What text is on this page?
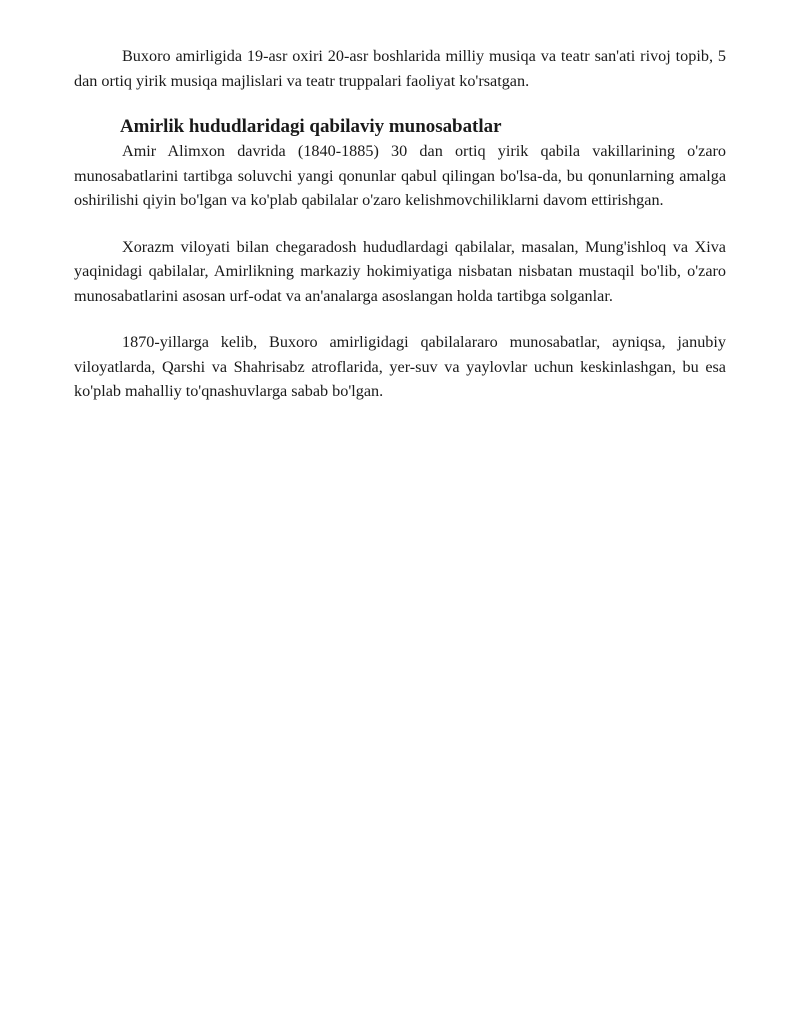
Buxoro amirligida 19-asr oxiri 20-asr boshlarida milliy musiqa va teatr san'ati rivoj topib, 5 dan ortiq yirik musiqa majlislari va teatr truppalari faoliyat ko'rsatgan.

Amirlik hududlaridagi qabilaviy munosabatlar

Amir Alimxon davrida (1840-1885) 30 dan ortiq yirik qabila vakillarining o'zaro munosabatlarini tartibga soluvchi yangi qonunlar qabul qilingan bo'lsa-da, bu qonunlarning amalga oshirilishi qiyin bo'lgan va ko'plab qabilalar o'zaro kelishmovchiliklarni davom ettirishgan.

Xorazm viloyati bilan chegaradosh hududlardagi qabilalar, masalan, Mung'ishloq va Xiva yaqinidagi qabilalar, Amirlikning markaziy hokimiyatiga nisbatan nisbatan mustaqil bo'lib, o'zaro munosabatlarini asosan urf-odat va an'analarga asoslangan holda tartibga solganlar.

1870-yillarga kelib, Buxoro amirligidagi qabilalararo munosabatlar, ayniqsa, janubiy viloyatlarda, Qarshi va Shahrisabz atroflarida, yer-suv va yaylovlar uchun keskinlashgan, bu esa ko'plab mahalliy to'qnashuvlarga sabab bo'lgan.
